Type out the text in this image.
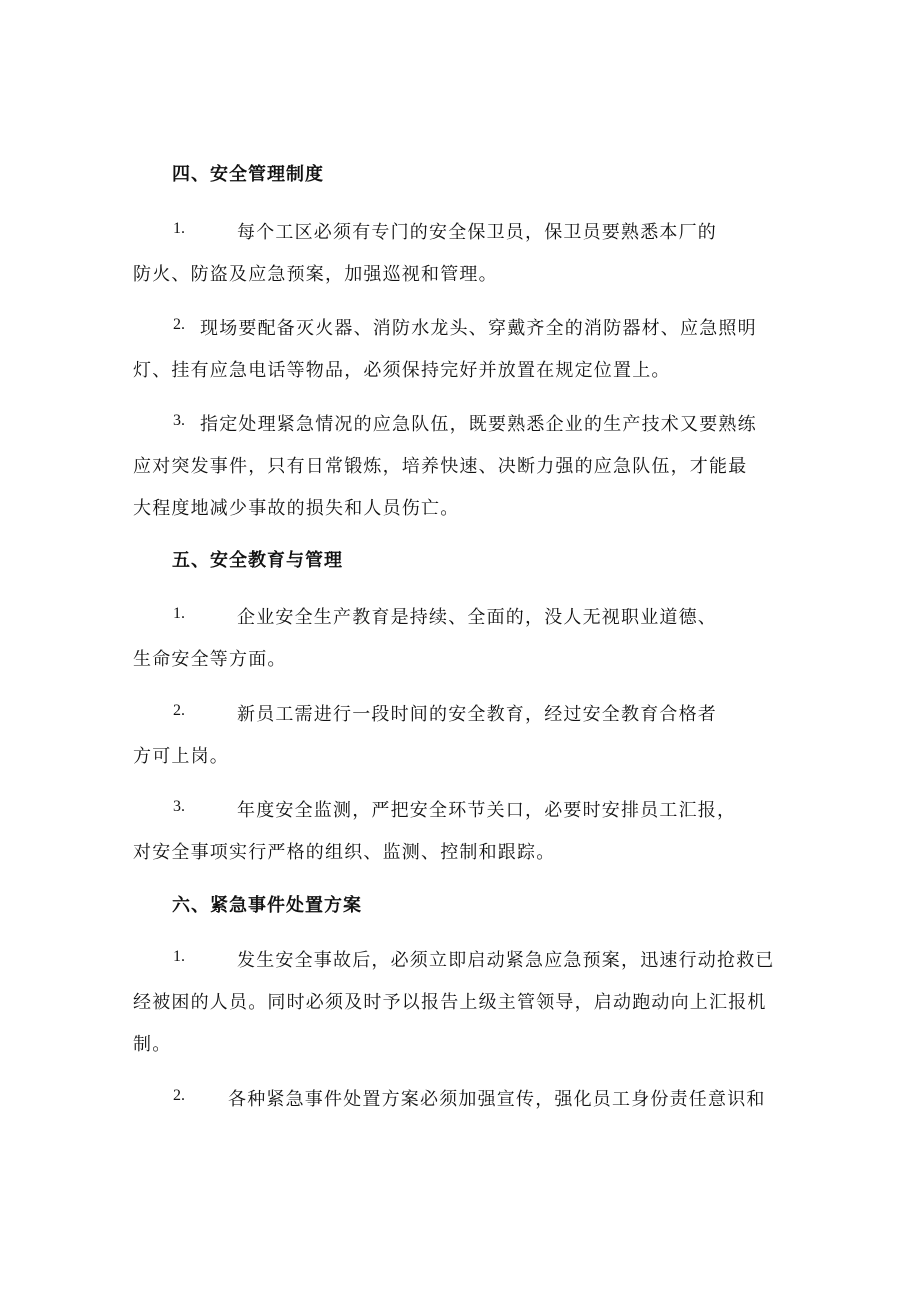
四、安全管理制度
1.	每个工区必须有专门的安全保卫员，保卫员要熟悉本厂的
防火、防盗及应急预案，加强巡视和管理。
2. 现场要配备灭火器、消防水龙头、穿戴齐全的消防器材、应急照明
灯、挂有应急电话等物品，必须保持完好并放置在规定位置上。
3. 指定处理紧急情况的应急队伍，既要熟悉企业的生产技术又要熟练
应对突发事件，只有日常锻炼，培养快速、决断力强的应急队伍，才能最
大程度地减少事故的损失和人员伤亡。
五、安全教育与管理
1.	企业安全生产教育是持续、全面的，没人无视职业道德、
生命安全等方面。
2.	新员工需进行一段时间的安全教育，经过安全教育合格者
方可上岗。
3.	年度安全监测，严把安全环节关口，必要时安排员工汇报，
对安全事项实行严格的组织、监测、控制和跟踪。
六、紧急事件处置方案
1.	发生安全事故后，必须立即启动紧急应急预案，迅速行动抢救已
经被困的人员。同时必须及时予以报告上级主管领导，启动跑动向上汇报机
制。
2. 各种紧急事件处置方案必须加强宣传，强化员工身份责任意识和
